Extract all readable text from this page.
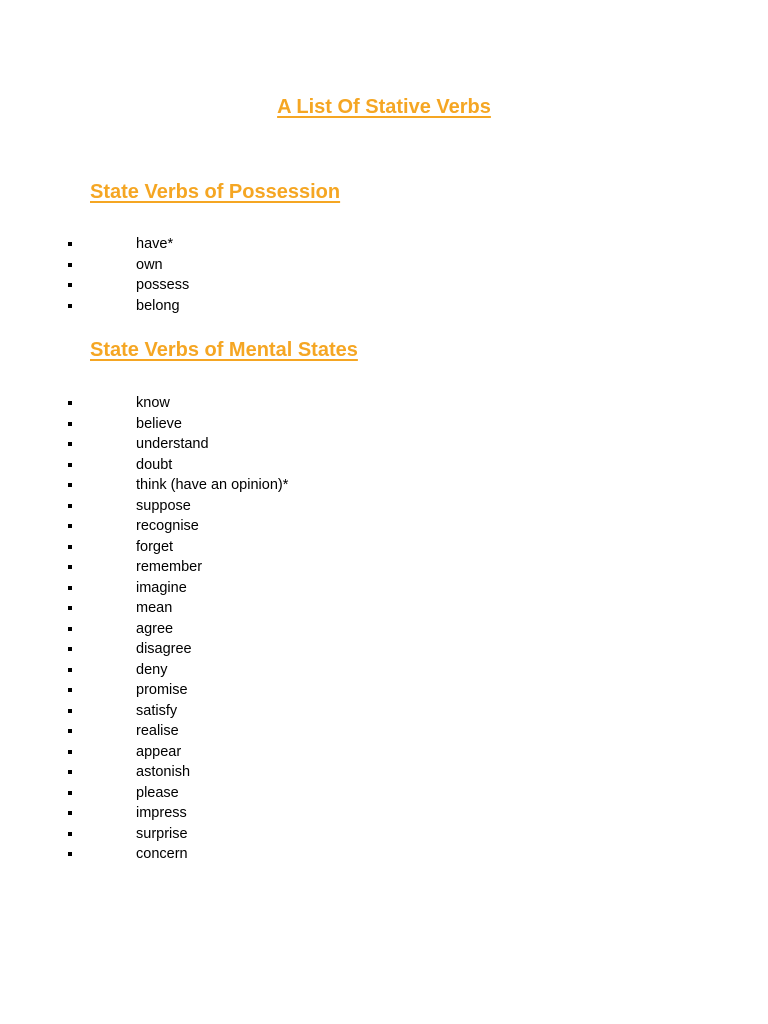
A List Of Stative Verbs
State Verbs of Possession
have*
own
possess
belong
State Verbs of Mental States
know
believe
understand
doubt
think (have an opinion)*
suppose
recognise
forget
remember
imagine
mean
agree
disagree
deny
promise
satisfy
realise
appear
astonish
please
impress
surprise
concern
